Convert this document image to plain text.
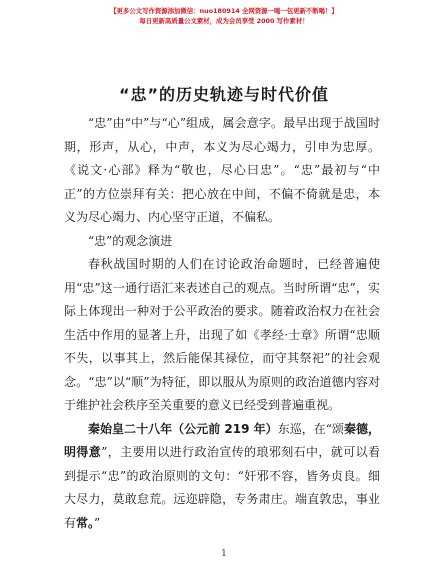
【更多公文写作资源添加微信：nuo180914 全网资源一喝一包更新不断喝！】
每日更新高质量公文素材，成为会员享受 2000 写作素材！
“忠”的历史轨迹与时代价值

“忠”由“中”与“心”组成，属会意字。最早出现于战国时期，形声，从心，中声，本义为尽心竭力，引申为忠厚。《说文·心部》释为“敬也，尽心曰忠”。“忠”最初与“中正”的方位崇拜有关：把心放在中间，不偏不倚就是忠，本义为尽心竭力、内心坚守正道，不偏私。

“忠”的观念演进

春秋战国时期的人们在讨论政治命题时，已经普遍使用“忠”这一通行语汇来表述自己的观点。当时所谓“忠”，实际上体现出一种对于公平政治的要求。随着政治权力在社会生活中作用的显著上升，出现了如《孝经·士章》所谓“忠顺不失，以事其上，然后能保其禄位，而守其祭祀”的社会观念。“忠”以“顺”为特征，即以服从为原则的政治道德内容对于维护社会秩序至关重要的意义已经受到普遍重视。

秦始皇二十八年（公元前 219 年）东巡，在“颂秦德，明得意”，主要用以进行政治宣传的琅邪刻石中，就可以看到提示“忠”的政治原则的文句：“奸邪不容，皆务贞良。细大尽力，莫敢怠荒。远迩辟隐，专务肃庄。端直敦忠，事业有常。”

1
